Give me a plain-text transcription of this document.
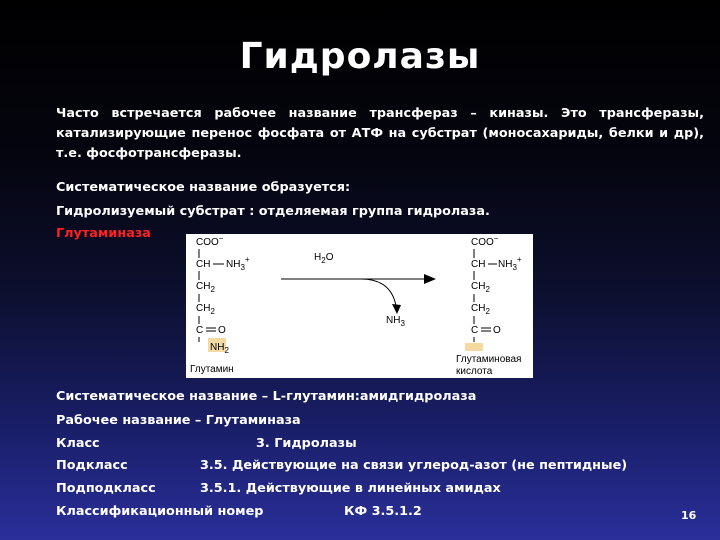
Гидролазы
Часто встречается рабочее название трансфераз – киназы. Это трансферазы, катализирующие перенос фосфата от АТФ на субстрат (моносахариды, белки и др), т.е. фосфотрансферазы.
Систематическое название образуется:
Гидролизуемый субстрат : отделяемая группа гидролаза.
Глутаминаза
COO−
CH $NH_3^+$
$CH_2$
$CH_2$
C O
$NH_2$
Глутамин
$H_2O$
$NH_3$
COO−
CH $NH_3^+$
$CH_2$
$CH_2$
C O
Глутаминовая
кислота
Систематическое название – L-глутамин:амидгидролаза
Рабочее название – Глутаминаза
Класс	3. Гидролазы
Подкласс	3.5. Действующие на связи углерод-азот (не пептидные)
Подподкласс	3.5.1. Действующие в линейных амидах
Классификационный номер	КФ 3.5.1.2	16
